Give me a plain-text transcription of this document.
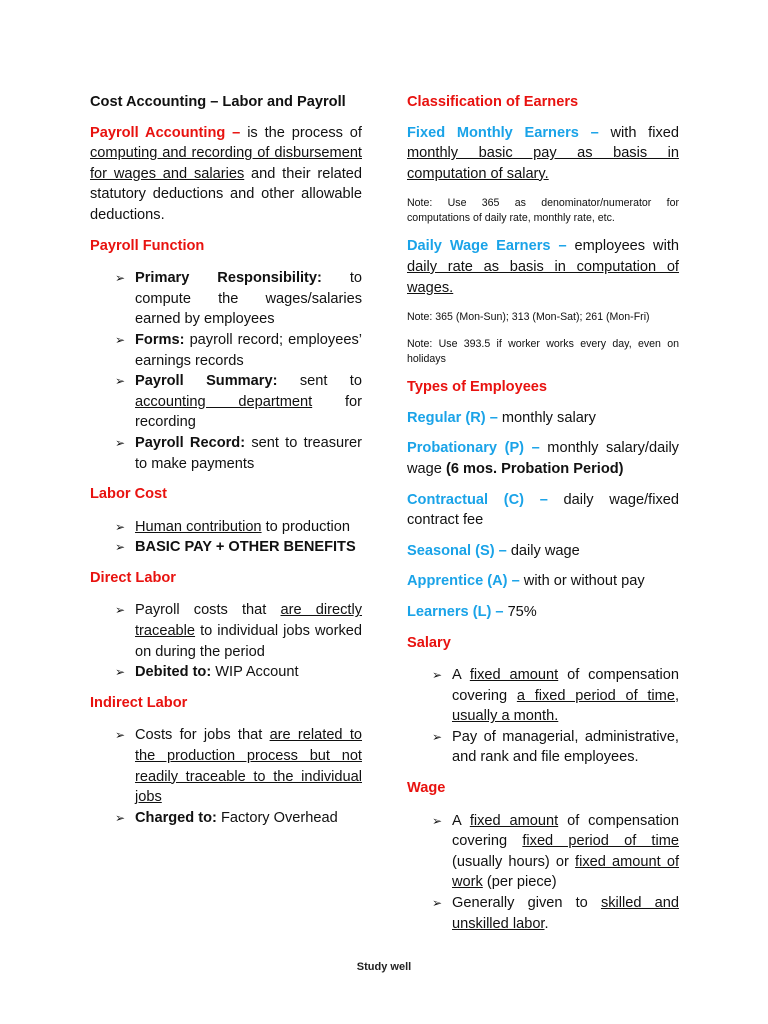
Cost Accounting – Labor and Payroll

Payroll Accounting – is the process of computing and recording of disbursement for wages and salaries and their related statutory deductions and other allowable deductions.

Payroll Function

➢ Primary Responsibility: to compute the wages/salaries earned by employees
➢ Forms: payroll record; employees’ earnings records
➢ Payroll Summary: sent to accounting department for recording
➢ Payroll Record: sent to treasurer to make payments

Labor Cost

➢ Human contribution to production
➢ BASIC PAY + OTHER BENEFITS

Direct Labor

➢ Payroll costs that are directly traceable to individual jobs worked on during the period
➢ Debited to: WIP Account

Indirect Labor

➢ Costs for jobs that are related to the production process but not readily traceable to the individual jobs
➢ Charged to: Factory Overhead

Classification of Earners

Fixed Monthly Earners – with fixed monthly basic pay as basis in computation of salary.

Note: Use 365 as denominator/numerator for computations of daily rate, monthly rate, etc.

Daily Wage Earners – employees with daily rate as basis in computation of wages.

Note: 365 (Mon-Sun); 313 (Mon-Sat); 261 (Mon-Fri)

Note: Use 393.5 if worker works every day, even on holidays

Types of Employees

Regular (R) – monthly salary

Probationary (P) – monthly salary/daily wage (6 mos. Probation Period)

Contractual (C) – daily wage/fixed contract fee

Seasonal (S) – daily wage

Apprentice (A) – with or without pay

Learners (L) – 75%

Salary

➢ A fixed amount of compensation covering a fixed period of time, usually a month.
➢ Pay of managerial, administrative, and rank and file employees.

Wage

➢ A fixed amount of compensation covering fixed period of time (usually hours) or fixed amount of work (per piece)
➢ Generally given to skilled and unskilled labor.
Study well
